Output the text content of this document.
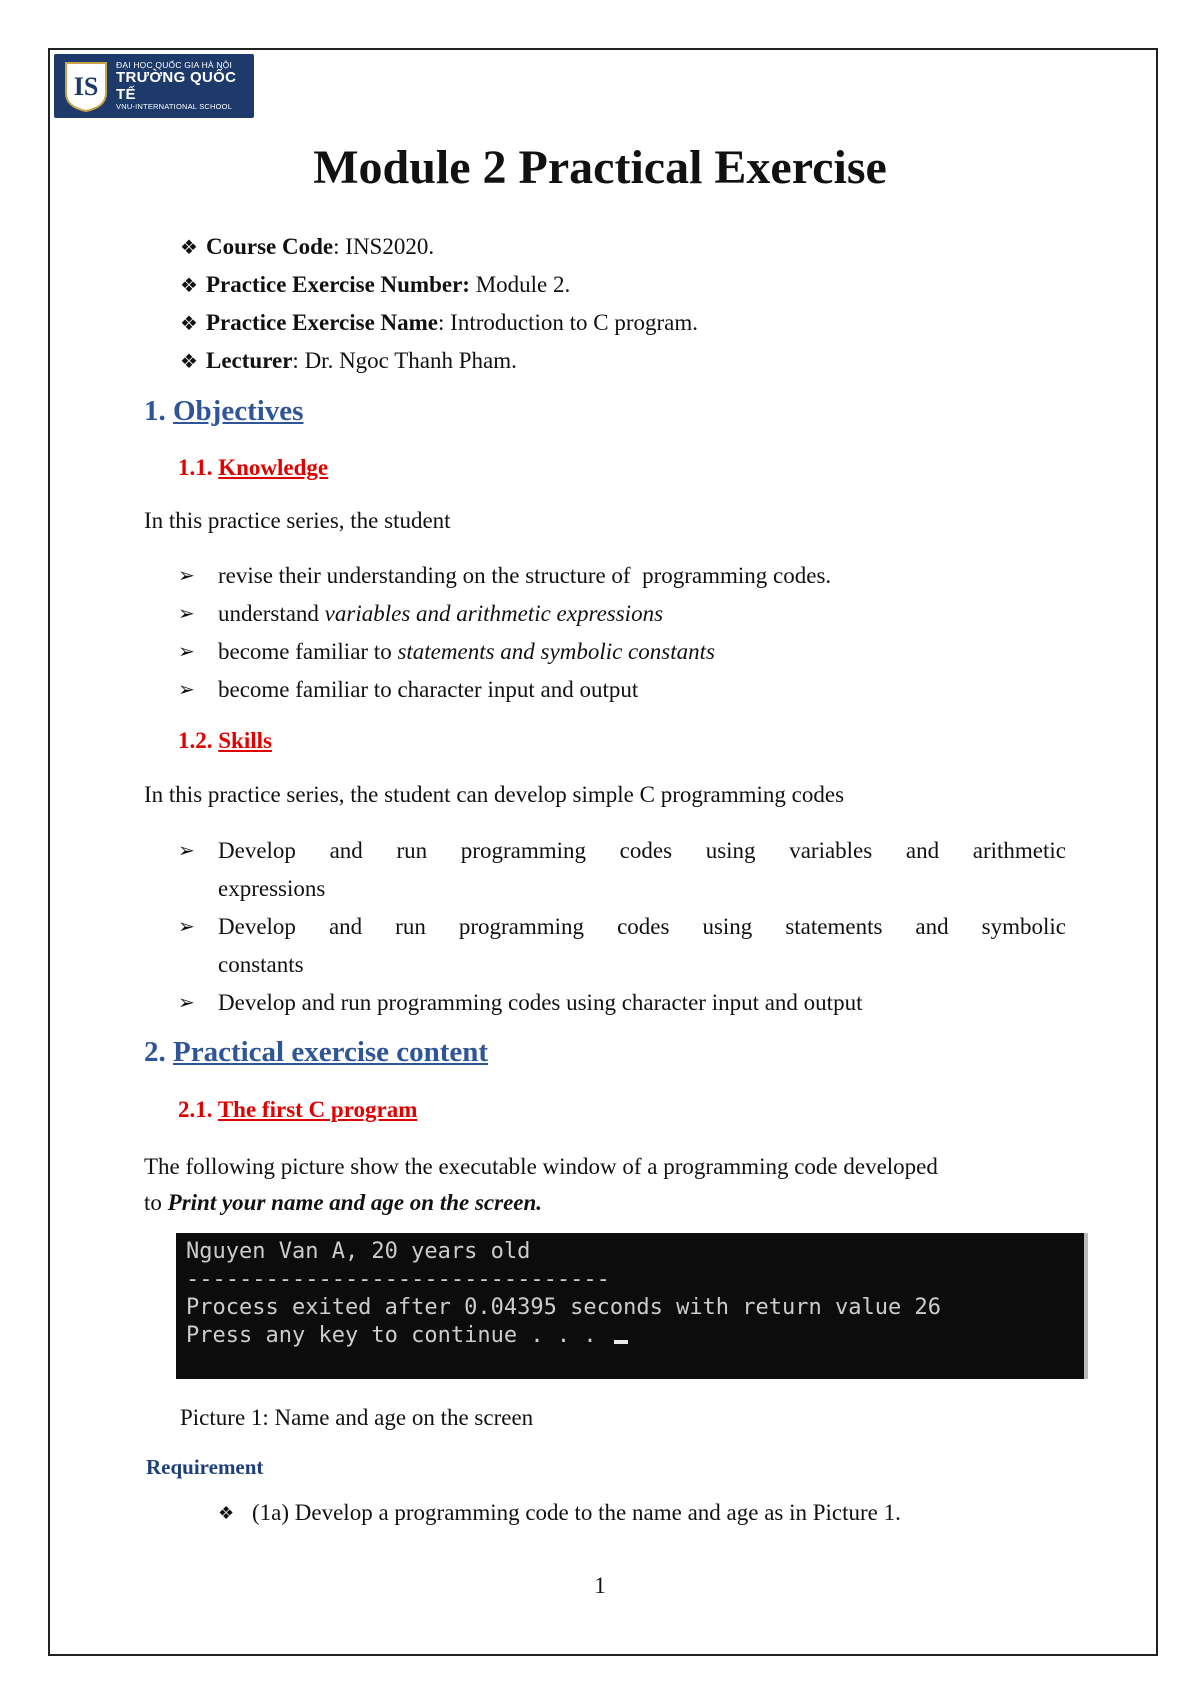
IS
ĐẠI HỌC QUỐC GIA HÀ NỘI
TRƯỜNG QUỐC TẾ
VNU-INTERNATIONAL SCHOOL
Module 2 Practical Exercise
❖ Course Code : INS2020.
❖ Practice Exercise Number:
Module 2.
❖ Practice Exercise Name : Introduction to C program.
❖ Lecturer : Dr. Ngoc Thanh Pham.
1. Objectives
1.1. Knowledge
In this practice series, the student
➢	revise their understanding on the structure of  programming codes.
➢	understand variables and arithmetic expressions
➢	become familiar to statements and symbolic constants
➢	become familiar to character input and output
1.2. Skills
In this practice series, the student can develop simple C programming codes
➢	Develop and run programming codes using variables and arithmetic
expressions
➢	Develop and run programming codes using statements and symbolic
constants
➢	Develop and run programming codes using character input and output
2. Practical exercise content
2.1. The first C program
The following picture show the executable window of a programming code developed
to Print your name and age on the screen.
Nguyen Van A, 20 years old
--------------------------------
Process exited after 0.04395 seconds with return value 26
Press any key to continue . . .
Picture 1: Name and age on the screen
Requirement
❖ (1a) Develop a programming code to the name and age as in Picture 1.
1
